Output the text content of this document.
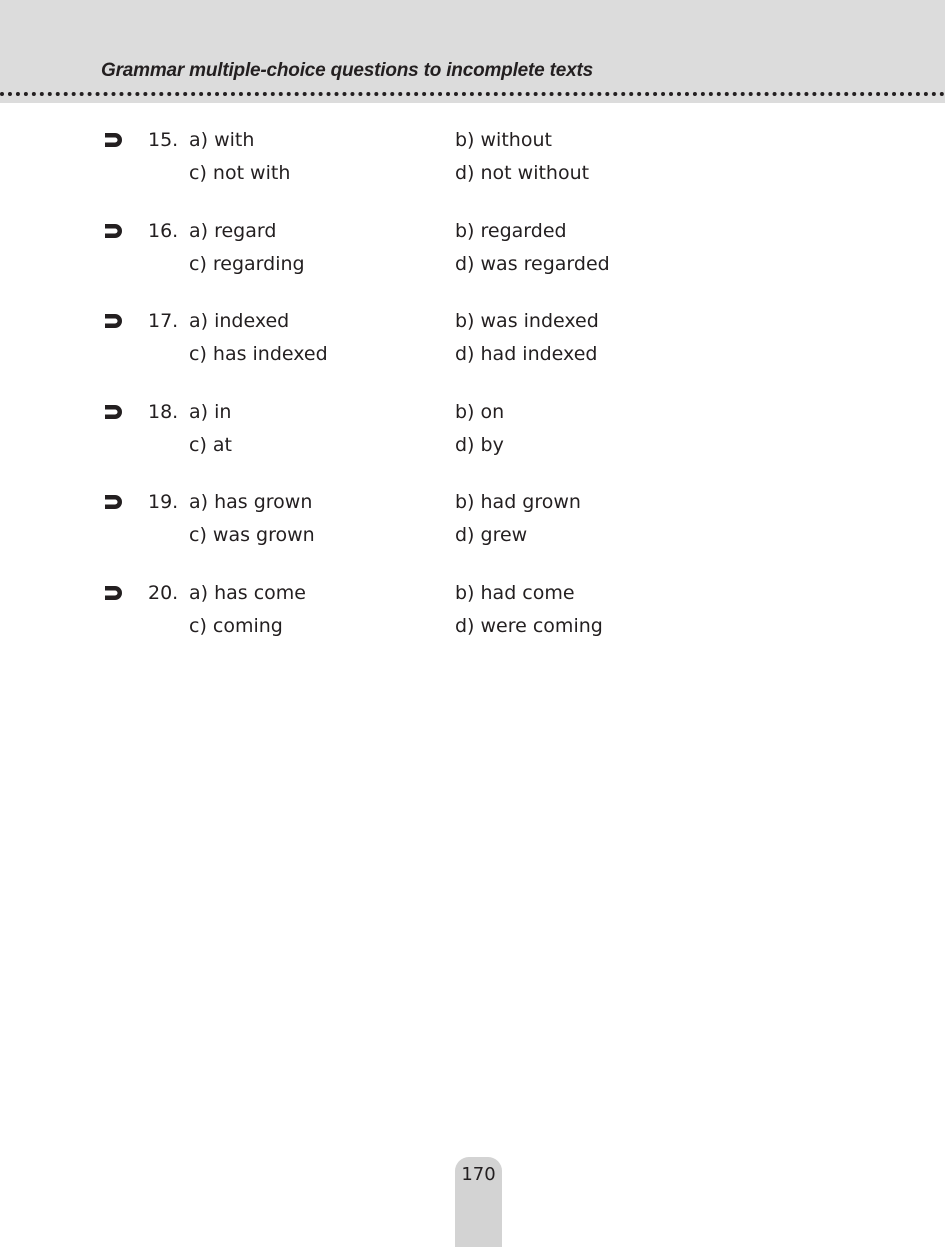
Grammar multiple-choice questions to incomplete texts
15. a) with	b) without
c) not with	d) not without
16. a) regard	b) regarded
c) regarding	d) was regarded
17. a) indexed	b) was indexed
c) has indexed	d) had indexed
18. a) in	b) on
c) at	d) by
19. a) has grown	b) had grown
c) was grown	d) grew
20. a) has come	b) had come
c) coming	d) were coming
170
